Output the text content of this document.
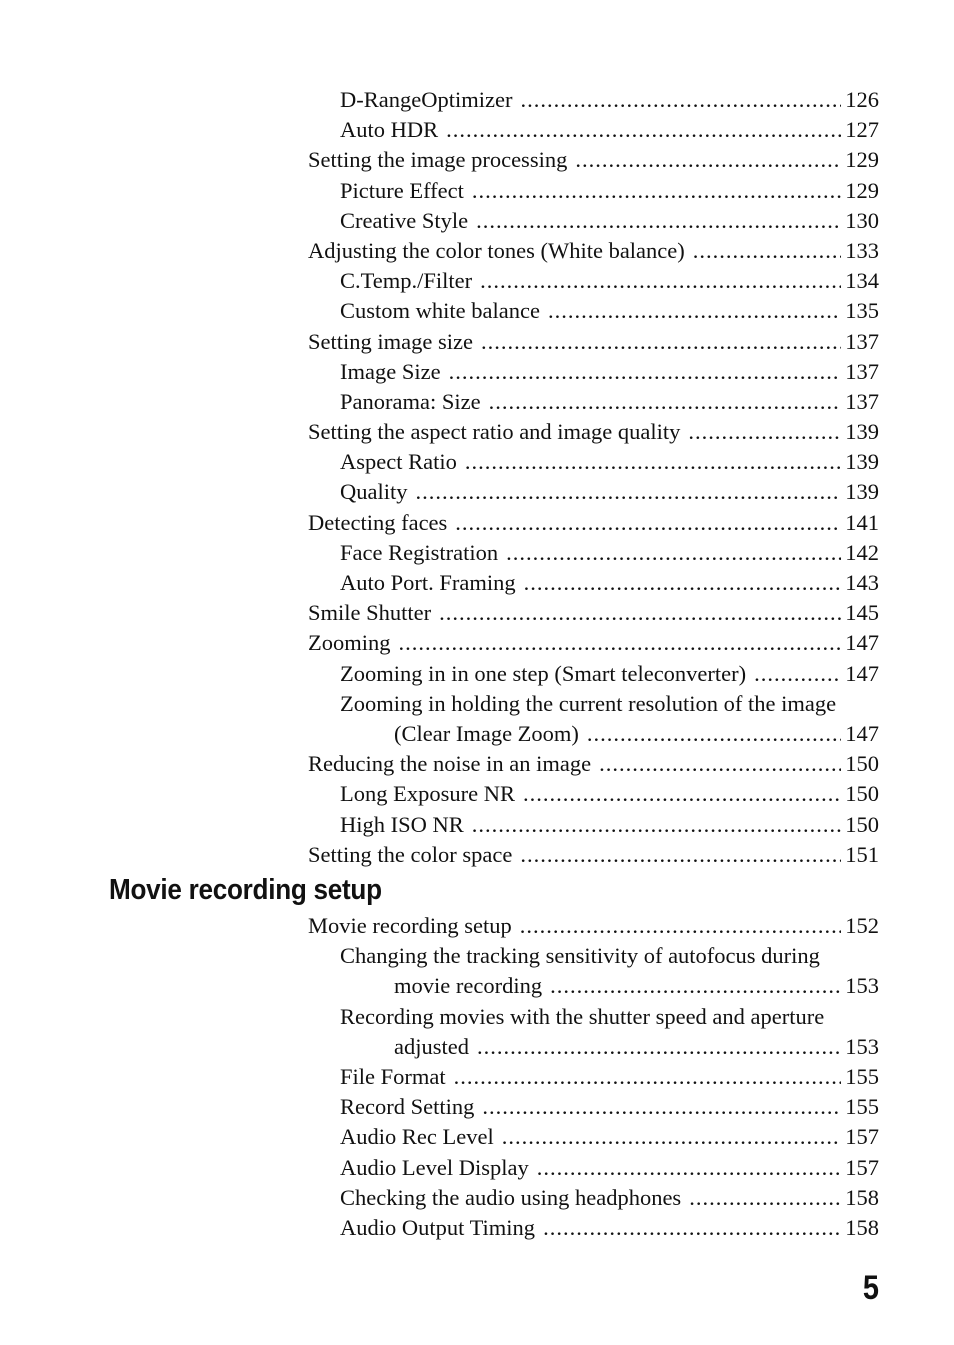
D-RangeOptimizer .....	126
Auto HDR .....	127
Setting the image processing .....	129
Picture Effect .....	129
Creative Style .....	130
Adjusting the color tones (White balance) .....	133
C.Temp./Filter .....	134
Custom white balance .....	135
Setting image size .....	137
Image Size .....	137
Panorama: Size .....	137
Setting the aspect ratio and image quality .....	139
Aspect Ratio .....	139
Quality .....	139
Detecting faces .....	141
Face Registration .....	142
Auto Port. Framing .....	143
Smile Shutter .....	145
Zooming .....	147
Zooming in in one step (Smart teleconverter) .....	147
Zooming in holding the current resolution of the image
(Clear Image Zoom) .....	147
Reducing the noise in an image .....	150
Long Exposure NR .....	150
High ISO NR .....	150
Setting the color space .....	151
Movie recording setup
Movie recording setup .....	152
Changing the tracking sensitivity of autofocus during
movie recording .....	153
Recording movies with the shutter speed and aperture
adjusted .....	153
File Format .....	155
Record Setting .....	155
Audio Rec Level .....	157
Audio Level Display .....	157
Checking the audio using headphones .....	158
Audio Output Timing .....	158
5
